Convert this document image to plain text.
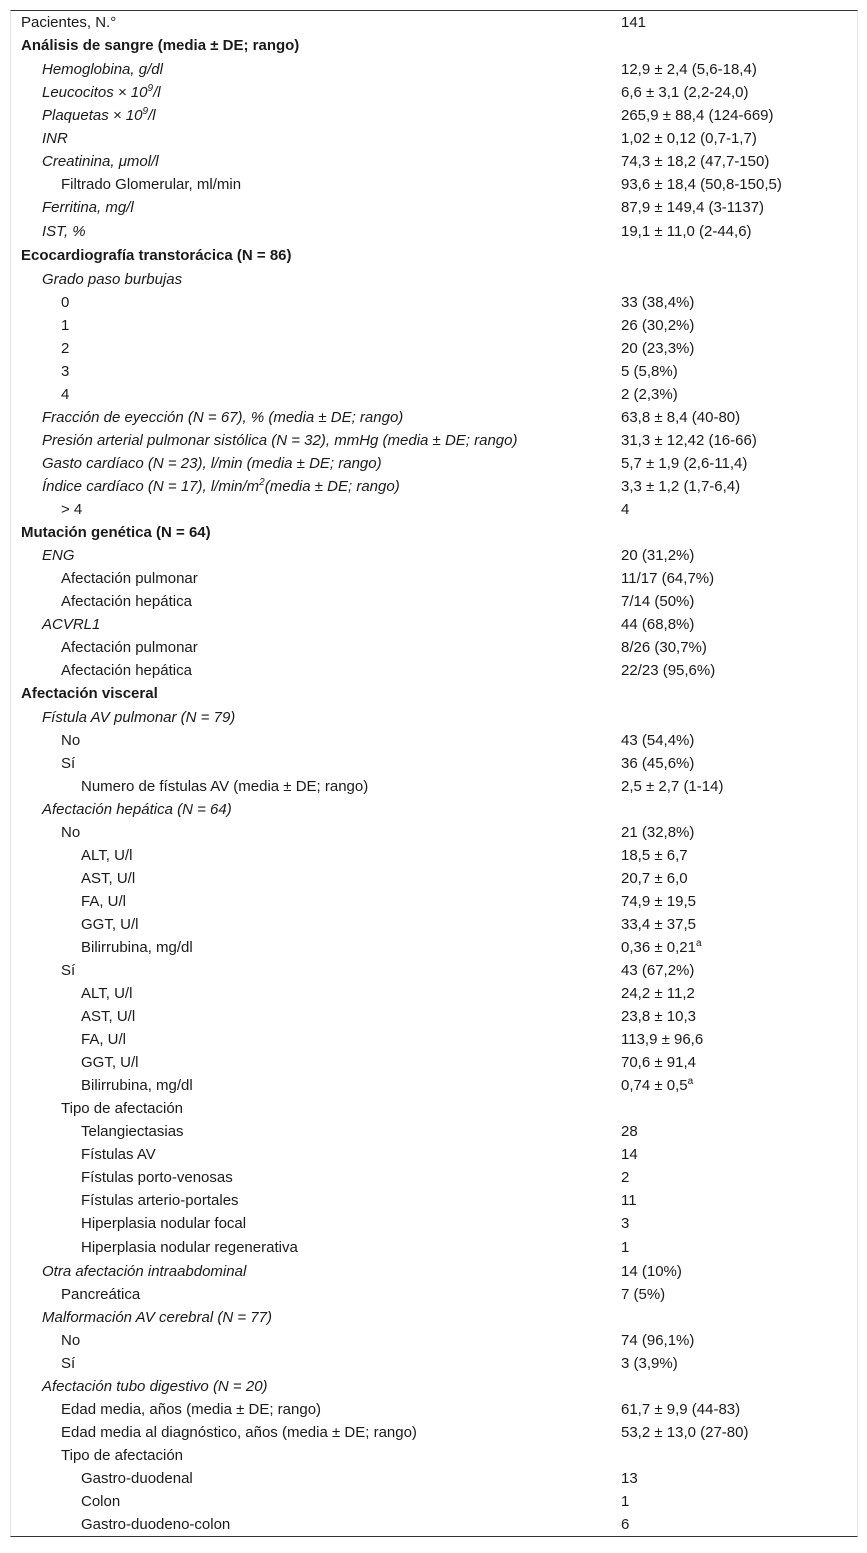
Pacientes, N.°	141
Análisis de sangre (media ± DE; rango)
Hemoglobina, g/dl	12,9 ± 2,4 (5,6-18,4)
Leucocitos × $10^9/l$	6,6 ± 3,1 (2,2-24,0)
Plaquetas × $10^9/l$	265,9 ± 88,4 (124-669)
INR	1,02 ± 0,12 (0,7-1,7)
Creatinina, μmol/l	74,3 ± 18,2 (47,7-150)
Filtrado Glomerular, ml/min	93,6 ± 18,4 (50,8-150,5)
Ferritina, mg/l	87,9 ± 149,4 (3-1137)
IST, %	19,1 ± 11,0 (2-44,6)
Ecocardiografía transtorácica (N = 86)
Grado paso burbujas
0	33 (38,4%)
1	26 (30,2%)
2	20 (23,3%)
3	5 (5,8%)
4	2 (2,3%)
Fracción de eyección (N = 67), % (media ± DE; rango)	63,8 ± 8,4 (40-80)
Presión arterial pulmonar sistólica (N = 32), mmHg (media ± DE; rango)	31,3 ± 12,42 (16-66)
Gasto cardíaco (N = 23), l/min (media ± DE; rango)	5,7 ± 1,9 (2,6-11,4)
Índice cardíaco (N = 17), $l/\min/m^2(media$ ± DE; rango)	3,3 ± 1,2 (1,7-6,4)
> 4	4
Mutación genética (N = 64)
ENG	20 (31,2%)
Afectación pulmonar	11/17 (64,7%)
Afectación hepática	7/14 (50%)
ACVRL1	44 (68,8%)
Afectación pulmonar	8/26 (30,7%)
Afectación hepática	22/23 (95,6%)
Afectación visceral
Fístula AV pulmonar (N = 79)
No	43 (54,4%)
Sí	36 (45,6%)
Numero de fístulas AV (media ± DE; rango)	2,5 ± 2,7 (1-14)
Afectación hepática (N = 64)
No	21 (32,8%)
ALT, U/l	18,5 ± 6,7
AST, U/l	20,7 ± 6,0
FA, U/l	74,9 ± 19,5
GGT, U/l	33,4 ± 37,5
Bilirrubina, mg/dl	0,36 ± 0,21$^a$
Sí	43 (67,2%)
ALT, U/l	24,2 ± 11,2
AST, U/l	23,8 ± 10,3
FA, U/l	113,9 ± 96,6
GGT, U/l	70,6 ± 91,4
Bilirrubina, mg/dl	0,74 ± 0,5$^a$
Tipo de afectación
Telangiectasias	28
Fístulas AV	14
Fístulas porto-venosas	2
Fístulas arterio-portales	11
Hiperplasia nodular focal	3
Hiperplasia nodular regenerativa	1
Otra afectación intraabdominal	14 (10%)
Pancreática	7 (5%)
Malformación AV cerebral (N = 77)
No	74 (96,1%)
Sí	3 (3,9%)
Afectación tubo digestivo (N = 20)
Edad media, años (media ± DE; rango)	61,7 ± 9,9 (44-83)
Edad media al diagnóstico, años (media ± DE; rango)	53,2 ± 13,0 (27-80)
Tipo de afectación
Gastro-duodenal	13
Colon	1
Gastro-duodeno-colon	6
